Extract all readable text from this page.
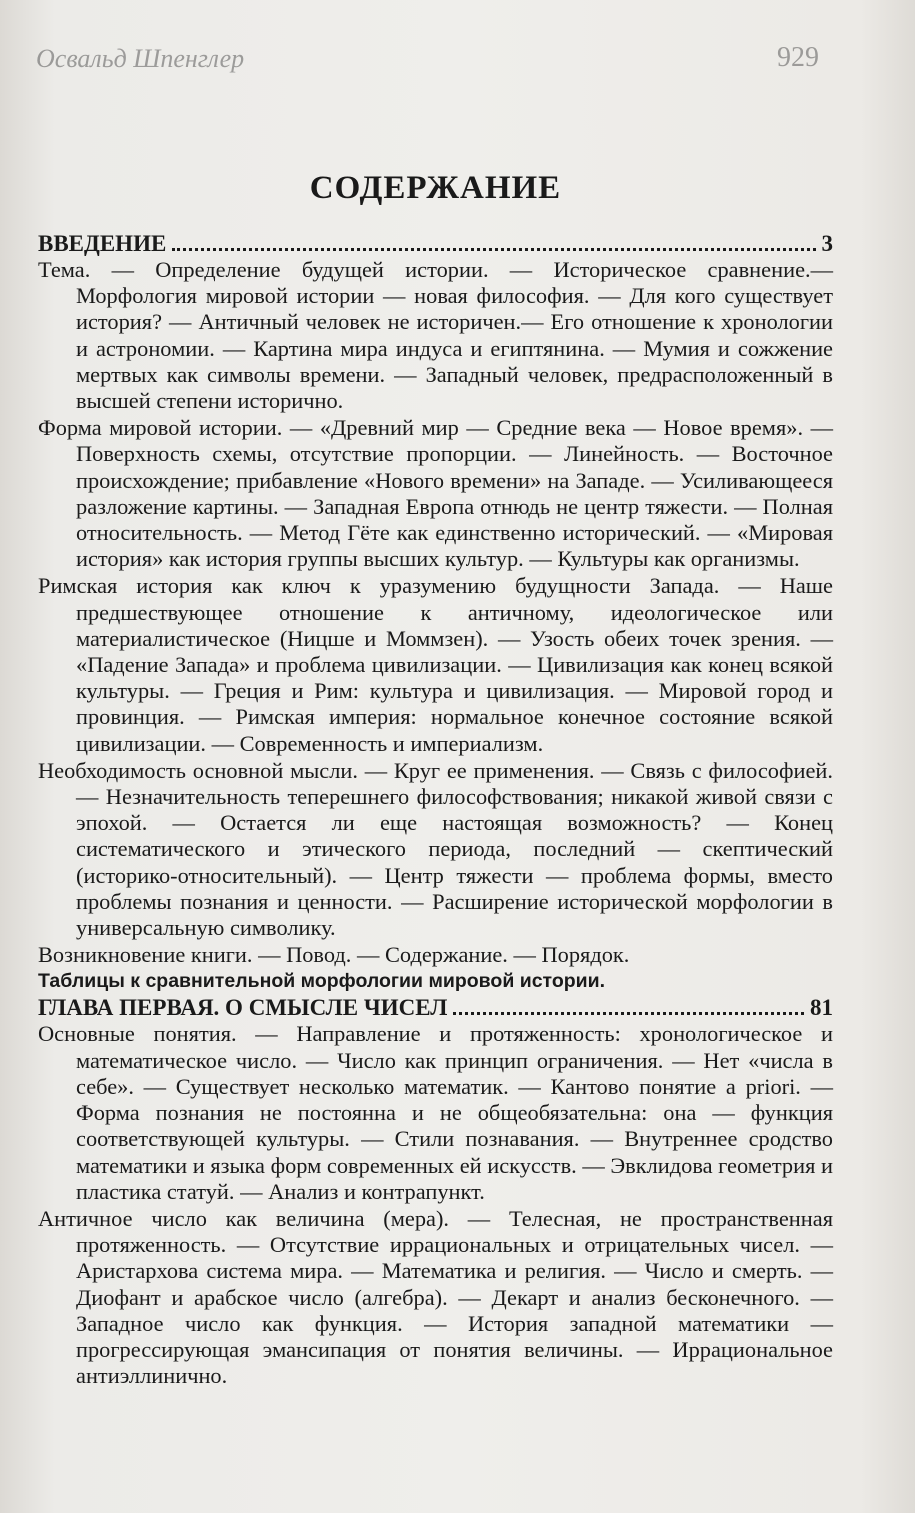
Освальд Шпенглер	929
СОДЕРЖАНИЕ
ВВЕДЕНИЕ	3

Тема. — Определение будущей истории. — Историческое сравнение.— Морфология мировой истории — новая философия. — Для кого существует история? — Античный человек не историчен.— Его отношение к хронологии и астрономии. — Картина мира индуса и египтянина. — Мумия и сожжение мертвых как символы времени. — Западный человек, предрасположенный в высшей степени исторично.

Форма мировой истории. — «Древний мир — Средние века — Новое время». — Поверхность схемы, отсутствие пропорции. — Линейность. — Восточное происхождение; прибавление «Нового времени» на Западе. — Усиливающееся разложение картины. — Западная Европа отнюдь не центр тяжести. — Полная относительность. — Метод Гёте как единственно исторический. — «Мировая история» как история группы высших культур. — Культуры как организмы.

Римская история как ключ к уразумению будущности Запада. — Наше предшествующее отношение к античному, идеологическое или материалистическое (Ницше и Моммзен). — Узость обеих точек зрения. — «Падение Запада» и проблема цивилизации. — Цивилизация как конец всякой культуры. — Греция и Рим: культура и цивилизация. — Мировой город и провинция. — Римская империя: нормальное конечное состояние всякой цивилизации. — Современность и империализм.

Необходимость основной мысли. — Круг ее применения. — Связь с философией. — Незначительность теперешнего философствования; никакой живой связи с эпохой. — Остается ли еще настоящая возможность? — Конец систематического и этического периода, последний — скептический (историко-относительный). — Центр тяжести — проблема формы, вместо проблемы познания и ценности. — Расширение исторической морфологии в универсальную символику.

Возникновение книги. — Повод. — Содержание. — Порядок.

Таблицы к сравнительной морфологии мировой истории.

ГЛАВА ПЕРВАЯ. О СМЫСЛЕ ЧИСЕЛ	81

Основные понятия. — Направление и протяженность: хронологическое и математическое число. — Число как принцип ограничения. — Нет «числа в себе». — Существует несколько математик. — Кантово понятие a priori. — Форма познания не постоянна и не общеобязательна: она — функция соответствующей культуры. — Стили познавания. — Внутреннее сродство математики и языка форм современных ей искусств. — Эвклидова геометрия и пластика статуй. — Анализ и контрапункт.

Античное число как величина (мера). — Телесная, не пространственная протяженность. — Отсутствие иррациональных и отрицательных чисел. — Аристархова система мира. — Математика и религия. — Число и смерть. — Диофант и арабское число (алгебра). — Декарт и анализ бесконечного. — Западное число как функция. — История западной математики — прогрессирующая эмансипация от понятия величины. — Иррациональное антиэллинично.
